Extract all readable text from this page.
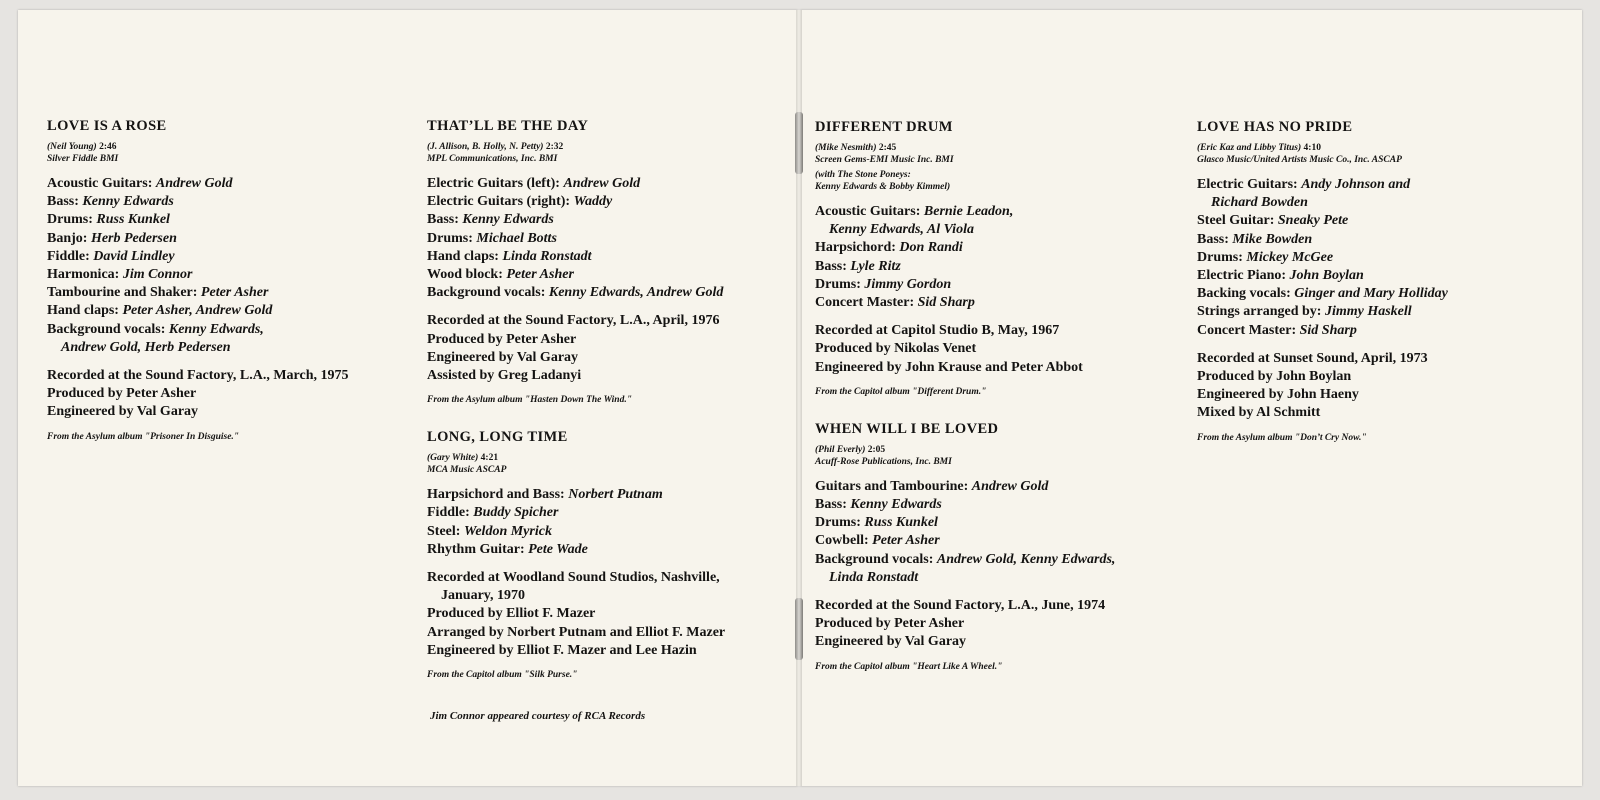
LOVE IS A ROSE
(Neil Young) 2:46
Silver Fiddle BMI
Acoustic Guitars: Andrew Gold
Bass: Kenny Edwards
Drums: Russ Kunkel
Banjo: Herb Pedersen
Fiddle: David Lindley
Harmonica: Jim Connor
Tambourine and Shaker: Peter Asher
Hand claps: Peter Asher, Andrew Gold
Background vocals: Kenny Edwards,
Andrew Gold, Herb Pedersen
Recorded at the Sound Factory, L.A., March, 1975
Produced by Peter Asher
Engineered by Val Garay
From the Asylum album "Prisoner In Disguise."
THAT’LL BE THE DAY
(J. Allison, B. Holly, N. Petty) 2:32
MPL Communications, Inc. BMI
Electric Guitars (left): Andrew Gold
Electric Guitars (right): Waddy
Bass: Kenny Edwards
Drums: Michael Botts
Hand claps: Linda Ronstadt
Wood block: Peter Asher
Background vocals: Kenny Edwards, Andrew Gold
Recorded at the Sound Factory, L.A., April, 1976
Produced by Peter Asher
Engineered by Val Garay
Assisted by Greg Ladanyi
From the Asylum album "Hasten Down The Wind."
LONG, LONG TIME
(Gary White) 4:21
MCA Music ASCAP
Harpsichord and Bass: Norbert Putnam
Fiddle: Buddy Spicher
Steel: Weldon Myrick
Rhythm Guitar: Pete Wade
Recorded at Woodland Sound Studios, Nashville,
January, 1970
Produced by Elliot F. Mazer
Arranged by Norbert Putnam and Elliot F. Mazer
Engineered by Elliot F. Mazer and Lee Hazin
From the Capitol album "Silk Purse."
Jim Connor appeared courtesy of RCA Records
DIFFERENT DRUM
(Mike Nesmith) 2:45
Screen Gems-EMI Music Inc. BMI
(with The Stone Poneys:
Kenny Edwards & Bobby Kimmel)
Acoustic Guitars: Bernie Leadon,
Kenny Edwards, Al Viola
Harpsichord: Don Randi
Bass: Lyle Ritz
Drums: Jimmy Gordon
Concert Master: Sid Sharp
Recorded at Capitol Studio B, May, 1967
Produced by Nikolas Venet
Engineered by John Krause and Peter Abbot
From the Capitol album "Different Drum."
WHEN WILL I BE LOVED
(Phil Everly) 2:05
Acuff-Rose Publications, Inc. BMI
Guitars and Tambourine: Andrew Gold
Bass: Kenny Edwards
Drums: Russ Kunkel
Cowbell: Peter Asher
Background vocals: Andrew Gold, Kenny Edwards,
Linda Ronstadt
Recorded at the Sound Factory, L.A., June, 1974
Produced by Peter Asher
Engineered by Val Garay
From the Capitol album "Heart Like A Wheel."
LOVE HAS NO PRIDE
(Eric Kaz and Libby Titus) 4:10
Glasco Music/United Artists Music Co., Inc. ASCAP
Electric Guitars: Andy Johnson and
Richard Bowden
Steel Guitar: Sneaky Pete
Bass: Mike Bowden
Drums: Mickey McGee
Electric Piano: John Boylan
Backing vocals: Ginger and Mary Holliday
Strings arranged by: Jimmy Haskell
Concert Master: Sid Sharp
Recorded at Sunset Sound, April, 1973
Produced by John Boylan
Engineered by John Haeny
Mixed by Al Schmitt
From the Asylum album "Don’t Cry Now."
